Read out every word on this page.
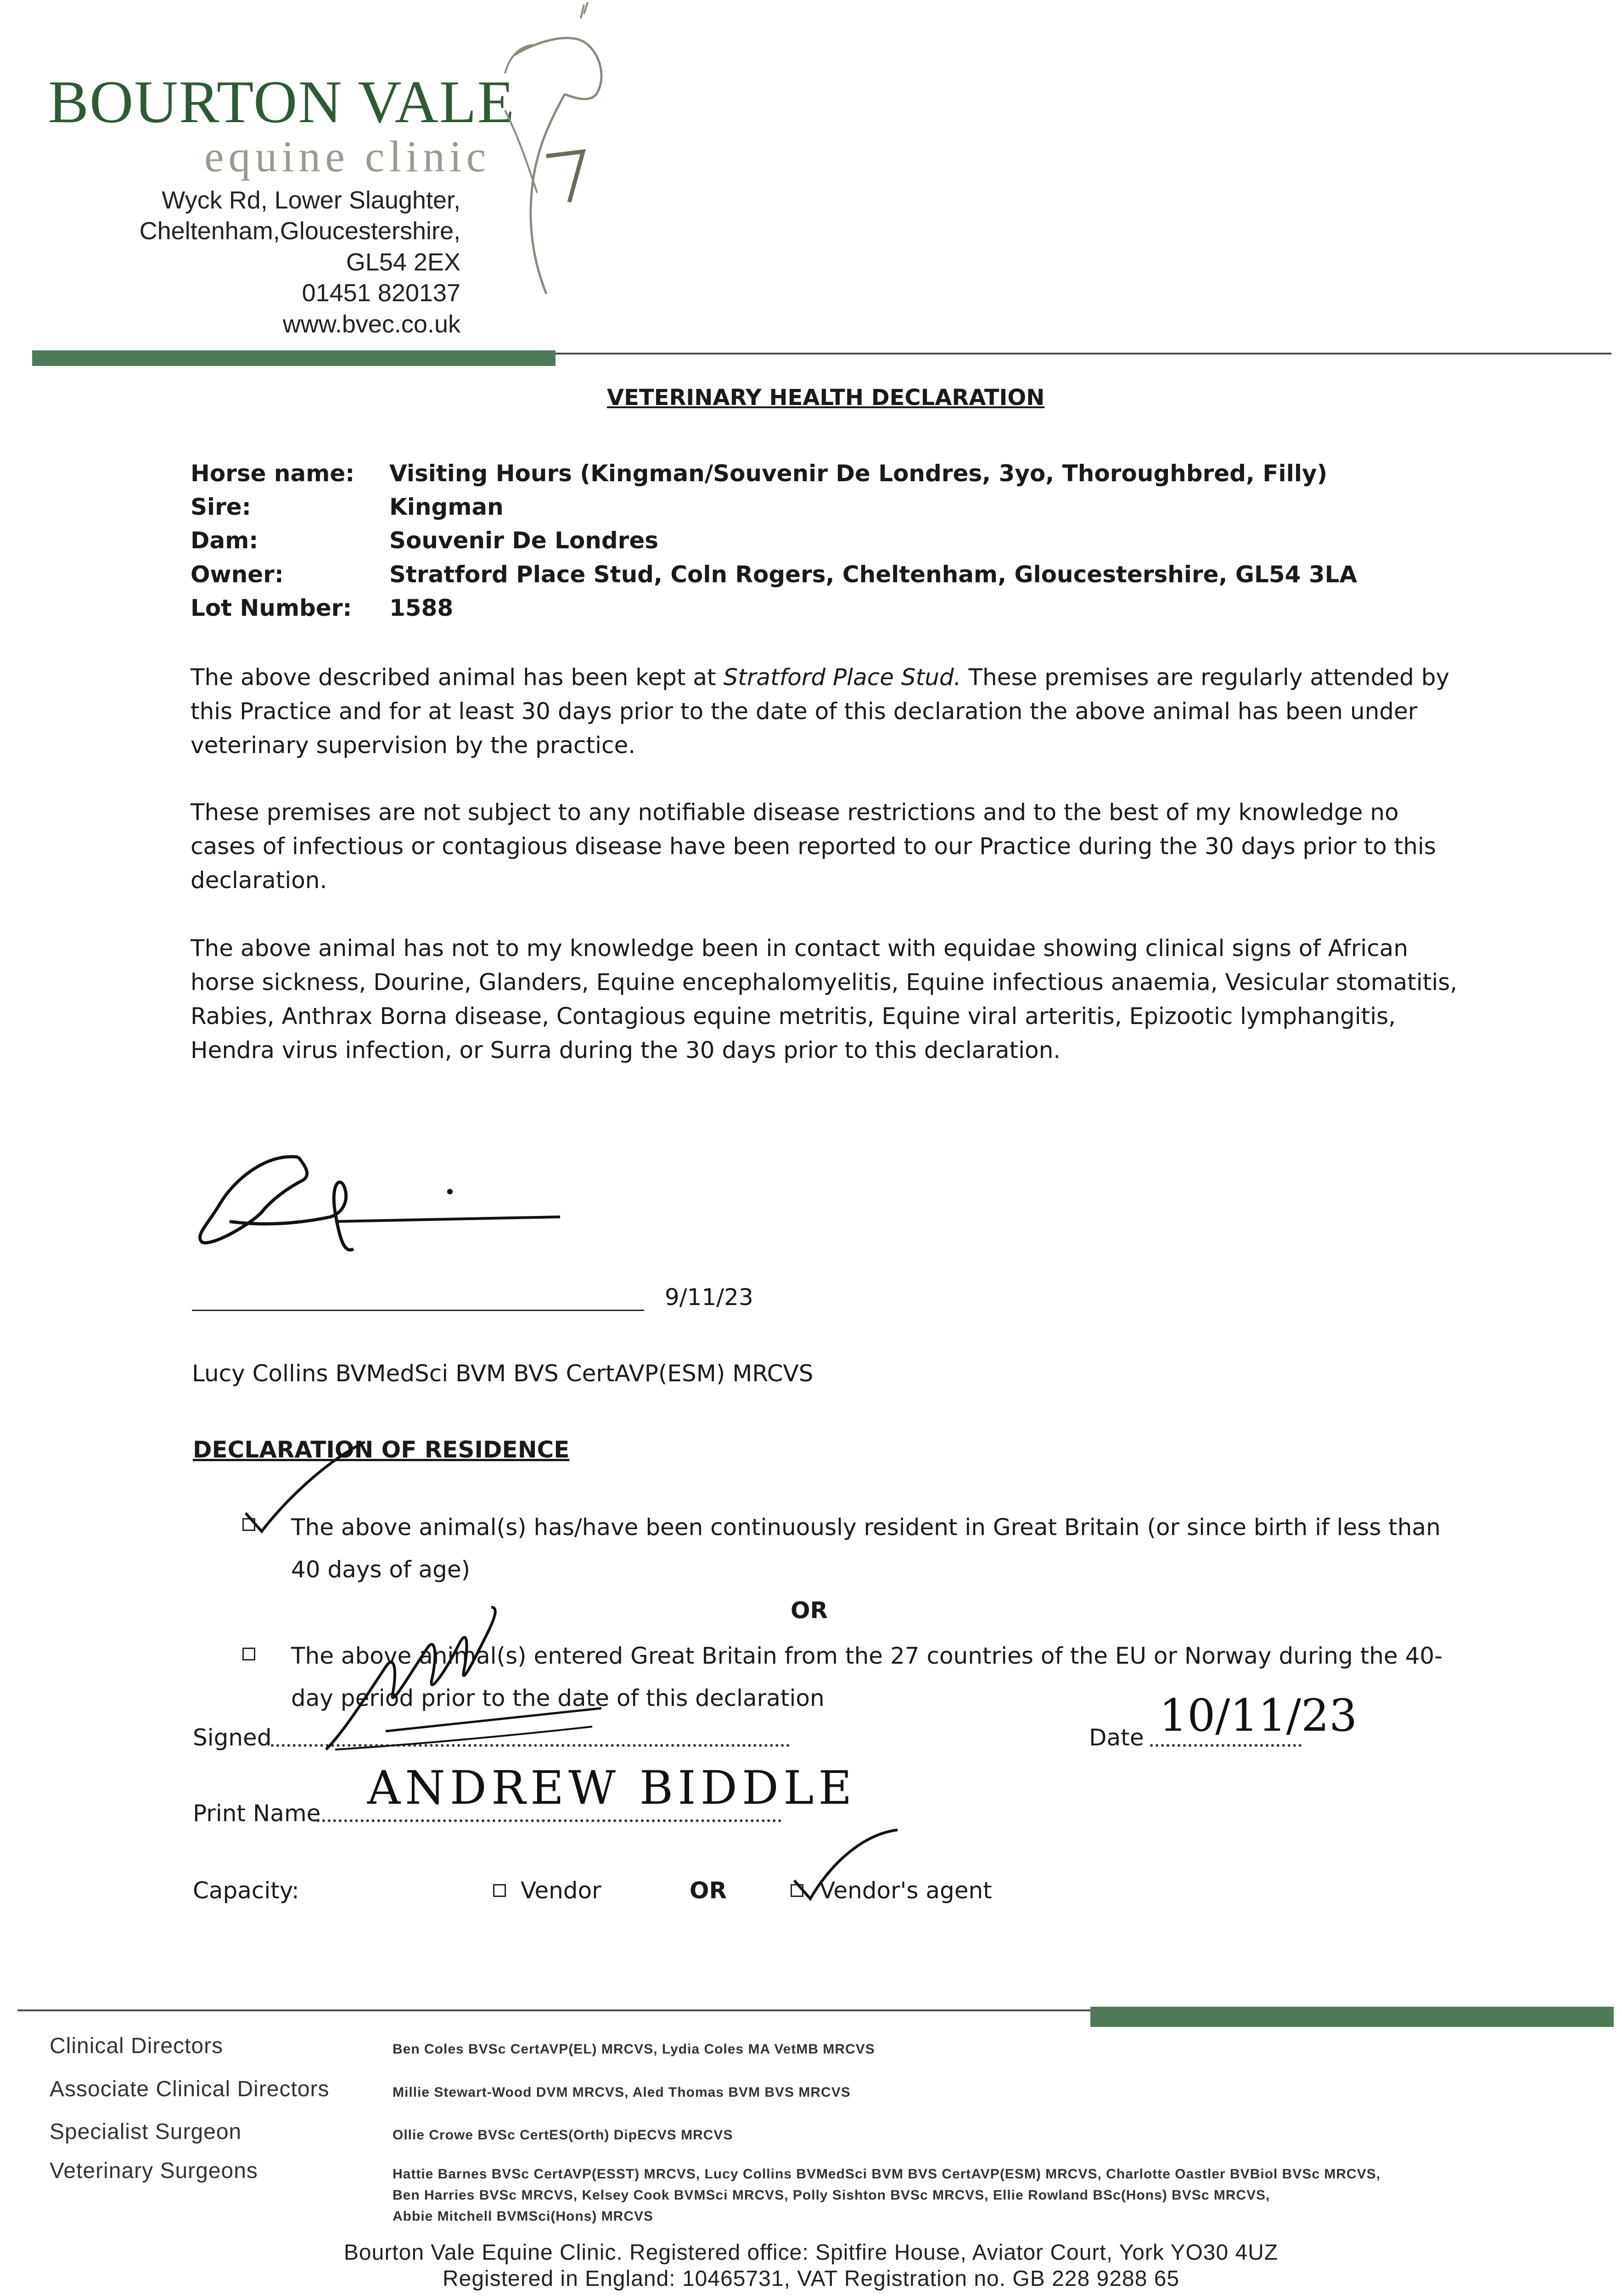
BOURTON VALE
equine clinic
Wyck Rd, Lower Slaughter,
Cheltenham,Gloucestershire,
GL54 2EX
01451 820137
www.bvec.co.uk
VETERINARY HEALTH DECLARATION
Horse name: Visiting Hours (Kingman/Souvenir De Londres, 3yo, Thoroughbred, Filly)
Sire:	Kingman
Dam:	Souvenir De Londres
Owner:	Stratford Place Stud, Coln Rogers, Cheltenham, Gloucestershire, GL54 3LA
Lot Number: 1588
The above described animal has been kept at Stratford Place Stud. These premises are regularly attended by this Practice and for at least 30 days prior to the date of this declaration the above animal has been under veterinary supervision by the practice.
These premises are not subject to any notifiable disease restrictions and to the best of my knowledge no cases of infectious or contagious disease have been reported to our Practice during the 30 days prior to this declaration.
The above animal has not to my knowledge been in contact with equidae showing clinical signs of African horse sickness, Dourine, Glanders, Equine encephalomyelitis, Equine infectious anaemia, Vesicular stomatitis, Rabies, Anthrax Borna disease, Contagious equine metritis, Equine viral arteritis, Epizootic lymphangitis, Hendra virus infection, or Surra during the 30 days prior to this declaration.
9/11/23
Lucy Collins BVMedSci BVM BVS CertAVP(ESM) MRCVS
DECLARATION OF RESIDENCE
The above animal(s) has/have been continuously resident in Great Britain (or since birth if less than 40 days of age)
OR
The above animal(s) entered Great Britain from the 27 countries of the EU or Norway during the 40-day period prior to the date of this declaration
Signed	Date 10/11/23
Print Name ANDREW BIDDLE
Capacity:	Vendor	OR	Vendor's agent
Clinical Directors	Ben Coles BVSc CertAVP(EL) MRCVS, Lydia Coles MA VetMB MRCVS
Associate Clinical Directors	Millie Stewart-Wood DVM MRCVS, Aled Thomas BVM BVS MRCVS
Specialist Surgeon	Ollie Crowe BVSc CertES(Orth) DipECVS MRCVS
Veterinary Surgeons	Hattie Barnes BVSc CertAVP(ESST) MRCVS, Lucy Collins BVMedSci BVM BVS CertAVP(ESM) MRCVS, Charlotte Oastler BVBiol BVSc MRCVS,
Ben Harries BVSc MRCVS, Kelsey Cook BVMSci MRCVS, Polly Sishton BVSc MRCVS, Ellie Rowland BSc(Hons) BVSc MRCVS,
Abbie Mitchell BVMSci(Hons) MRCVS
Bourton Vale Equine Clinic. Registered office: Spitfire House, Aviator Court, York YO30 4UZ
Registered in England: 10465731, VAT Registration no. GB 228 9288 65
